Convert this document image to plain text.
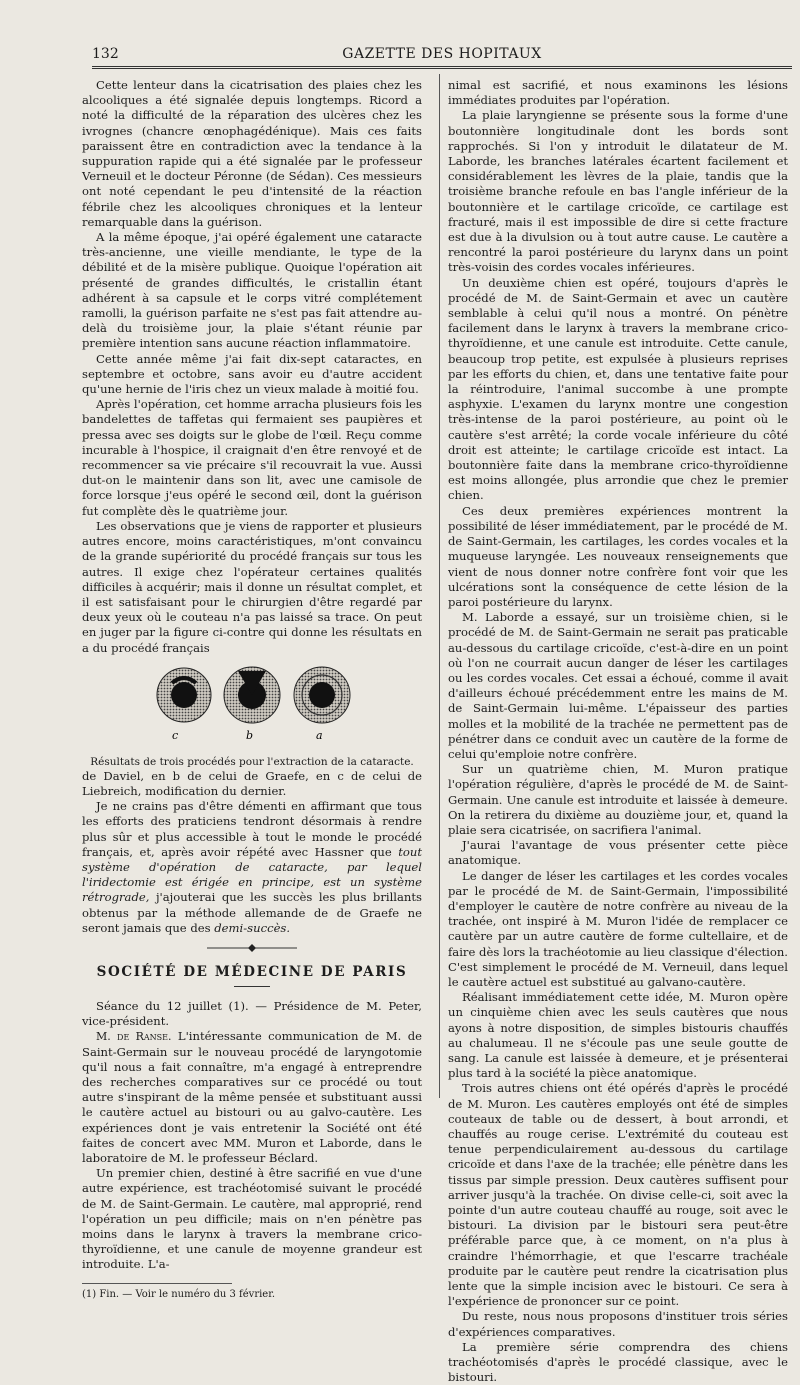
132	GAZETTE DES HOPITAUX

Cette lenteur dans la cicatrisation des plaies chez les alcooliques a été signalée depuis longtemps. Ricord a noté la difficulté de la réparation des ulcères chez les ivrognes (chancre œnophagédénique). Mais ces faits paraissent être en contradiction avec la tendance à la suppuration rapide qui a été signalée par le professeur Verneuil et le docteur Péronne (de Sédan). Ces messieurs ont noté cependant le peu d'intensité de la réaction fébrile chez les alcooliques chroniques et la lenteur remarquable dans la guérison.

A la même époque, j'ai opéré également une cataracte très-ancienne, une vieille mendiante, le type de la débilité et de la misère publique. Quoique l'opération ait présenté de grandes difficultés, le cristallin étant adhérent à sa capsule et le corps vitré complétement ramolli, la guérison parfaite ne s'est pas fait attendre au-delà du troisième jour, la plaie s'étant réunie par première intention sans aucune réaction inflammatoire.

Cette année même j'ai fait dix-sept cataractes, en septembre et octobre, sans avoir eu d'autre accident qu'une hernie de l'iris chez un vieux malade à moitié fou.

Après l'opération, cet homme arracha plusieurs fois les bandelettes de taffetas qui fermaient ses paupières et pressa avec ses doigts sur le globe de l'œil. Reçu comme incurable à l'hospice, il craignait d'en être renvoyé et de recommencer sa vie précaire s'il recouvrait la vue. Aussi dut-on le maintenir dans son lit, avec une camisole de force lorsque j'eus opéré le second œil, dont la guérison fut complète dès le quatrième jour.

Les observations que je viens de rapporter et plusieurs autres encore, moins caractéristiques, m'ont convaincu de la grande supériorité du procédé français sur tous les autres. Il exige chez l'opérateur certaines qualités difficiles à acquérir; mais il donne un résultat complet, et il est satisfaisant pour le chirurgien d'être regardé par deux yeux où le couteau n'a pas laissé sa trace. On peut en juger par la figure ci-contre qui donne les résultats en a du procédé français

c	b	a
Résultats de trois procédés pour l'extraction de la cataracte.

de Daviel, en b de celui de Graefe, en c de celui de Liebreich, modification du dernier.

Je ne crains pas d'être démenti en affirmant que tous les efforts des praticiens tendront désormais à rendre plus sûr et plus accessible à tout le monde le procédé français, et, après avoir répété avec Hassner que tout système d'opération de cataracte, par lequel l'iridectomie est érigée en principe, est un système rétrograde, j'ajouterai que les succès les plus brillants obtenus par la méthode allemande de de Graefe ne seront jamais que des demi-succès.

SOCIÉTÉ DE MÉDECINE DE PARIS

Séance du 12 juillet (1). — Présidence de M. Peter, vice-président.

M. de Ranse. L'intéressante communication de M. de Saint-Germain sur le nouveau procédé de laryngotomie qu'il nous a fait connaître, m'a engagé à entreprendre des recherches comparatives sur ce procédé ou tout autre s'inspirant de la même pensée et substituant aussi le cautère actuel au bistouri ou au galvo-cautère. Les expériences dont je vais entretenir la Société ont été faites de concert avec MM. Muron et Laborde, dans le laboratoire de M. le professeur Béclard.

Un premier chien, destiné à être sacrifié en vue d'une autre expérience, est trachéotomisé suivant le procédé de M. de Saint-Germain. Le cautère, mal approprié, rend l'opération un peu difficile; mais on n'en pénètre pas moins dans le larynx à travers la membrane crico-thyroïdienne, et une canule de moyenne grandeur est introduite. L'a-

(1) Fin. — Voir le numéro du 3 février.

nimal est sacrifié, et nous examinons les lésions immédiates produites par l'opération.

La plaie laryngienne se présente sous la forme d'une boutonnière longitudinale dont les bords sont rapprochés. Si l'on y introduit le dilatateur de M. Laborde, les branches latérales écartent facilement et considérablement les lèvres de la plaie, tandis que la troisième branche refoule en bas l'angle inférieur de la boutonnière et le cartilage cricoïde, ce cartilage est fracturé, mais il est impossible de dire si cette fracture est due à la divulsion ou à tout autre cause. Le cautère a rencontré la paroi postérieure du larynx dans un point très-voisin des cordes vocales inférieures.

Un deuxième chien est opéré, toujours d'après le procédé de M. de Saint-Germain et avec un cautère semblable à celui qu'il nous a montré. On pénètre facilement dans le larynx à travers la membrane crico-thyroïdienne, et une canule est introduite. Cette canule, beaucoup trop petite, est expulsée à plusieurs reprises par les efforts du chien, et, dans une tentative faite pour la réintroduire, l'animal succombe à une prompte asphyxie. L'examen du larynx montre une congestion très-intense de la paroi postérieure, au point où le cautère s'est arrêté; la corde vocale inférieure du côté droit est atteinte; le cartilage cricoïde est intact. La boutonnière faite dans la membrane crico-thyroïdienne est moins allongée, plus arrondie que chez le premier chien.

Ces deux premières expériences montrent la possibilité de léser immédiatement, par le procédé de M. de Saint-Germain, les cartilages, les cordes vocales et la muqueuse laryngée. Les nouveaux renseignements que vient de nous donner notre confrère font voir que les ulcérations sont la conséquence de cette lésion de la paroi postérieure du larynx.

M. Laborde a essayé, sur un troisième chien, si le procédé de M. de Saint-Germain ne serait pas praticable au-dessous du cartilage cricoïde, c'est-à-dire en un point où l'on ne courrait aucun danger de léser les cartilages ou les cordes vocales. Cet essai a échoué, comme il avait d'ailleurs échoué précédemment entre les mains de M. de Saint-Germain lui-même. L'épaisseur des parties molles et la mobilité de la trachée ne permettent pas de pénétrer dans ce conduit avec un cautère de la forme de celui qu'emploie notre confrère.

Sur un quatrième chien, M. Muron pratique l'opération régulière, d'après le procédé de M. de Saint-Germain. Une canule est introduite et laissée à demeure. On la retirera du dixième au douzième jour, et, quand la plaie sera cicatrisée, on sacrifiera l'animal.

J'aurai l'avantage de vous présenter cette pièce anatomique.

Le danger de léser les cartilages et les cordes vocales par le procédé de M. de Saint-Germain, l'impossibilité d'employer le cautère de notre confrère au niveau de la trachée, ont inspiré à M. Muron l'idée de remplacer ce cautère par un autre cautère de forme cultellaire, et de faire dès lors la trachéotomie au lieu classique d'élection. C'est simplement le procédé de M. Verneuil, dans lequel le cautère actuel est substitué au galvano-cautère.

Réalisant immédiatement cette idée, M. Muron opère un cinquième chien avec les seuls cautères que nous ayons à notre disposition, de simples bistouris chauffés au chalumeau. Il ne s'écoule pas une seule goutte de sang. La canule est laissée à demeure, et je présenterai plus tard à la société la pièce anatomique.

Trois autres chiens ont été opérés d'après le procédé de M. Muron. Les cautères employés ont été de simples couteaux de table ou de dessert, à bout arrondi, et chauffés au rouge cerise. L'extrémité du couteau est tenue perpendiculairement au-dessous du cartilage cricoïde et dans l'axe de la trachée; elle pénètre dans les tissus par simple pression. Deux cautères suffisent pour arriver jusqu'à la trachée. On divise celle-ci, soit avec la pointe d'un autre couteau chauffé au rouge, soit avec le bistouri. La division par le bistouri sera peut-être préférable parce que, à ce moment, on n'a plus à craindre l'hémorrhagie, et que l'escarre trachéale produite par le cautère peut rendre la cicatrisation plus lente que la simple incision avec le bistouri. Ce sera à l'expérience de prononcer sur ce point.

Du reste, nous nous proposons d'instituer trois séries d'expériences comparatives.

La première série comprendra des chiens trachéotomisés d'après le procédé classique, avec le bistouri.
